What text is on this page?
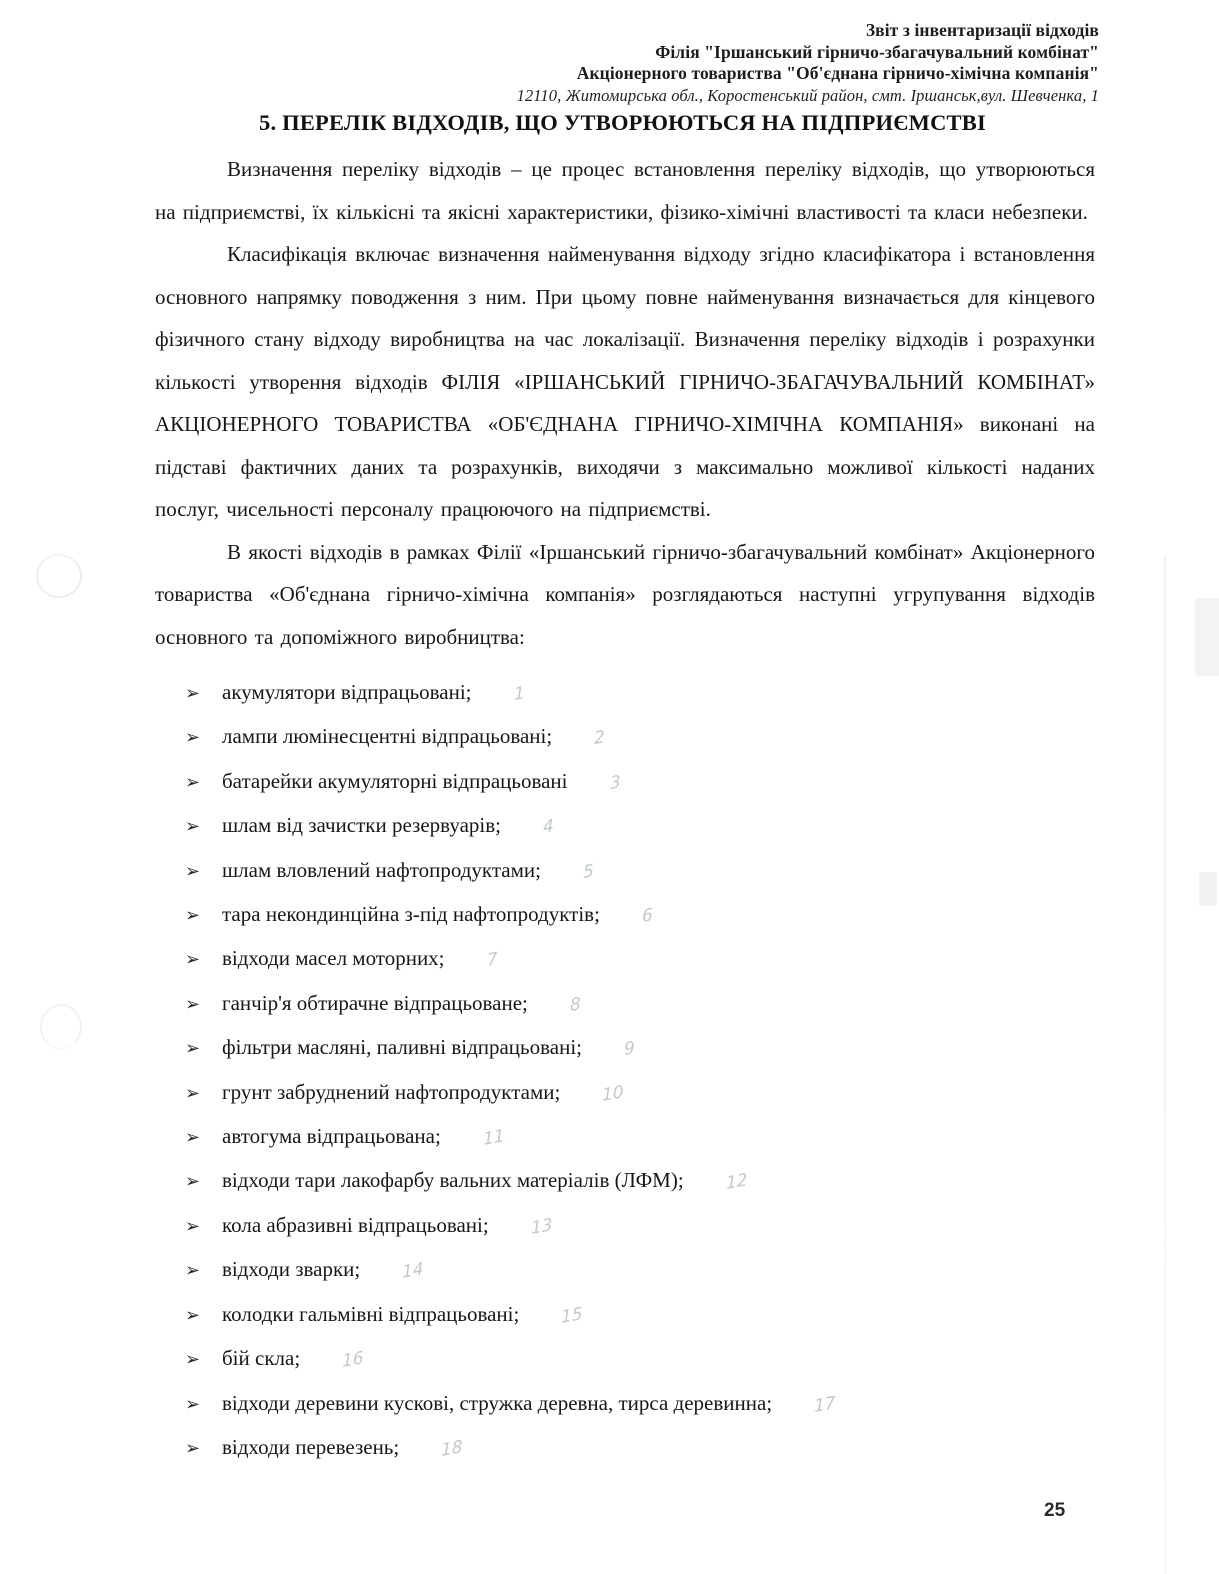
Звіт з інвентаризації відходів
Філія "Іршанський гірничо-збагачувальний комбінат"
Акціонерного товариства "Об'єднана гірничо-хімічна компанія"
12110, Житомирська обл., Коростенський район, смт. Іршанськ,вул. Шевченка, 1
5. ПЕРЕЛІК ВІДХОДІВ, ЩО УТВОРЮЮТЬСЯ НА ПІДПРИЄМСТВІ

Визначення переліку відходів – це процес встановлення переліку відходів, що утворюються на підприємстві, їх кількісні та якісні характеристики, фізико-хімічні властивості та класи небезпеки.

Класифікація включає визначення найменування відходу згідно класифікатора і встановлення основного напрямку поводження з ним. При цьому повне найменування визначається для кінцевого фізичного стану відходу виробництва на час локалізації. Визначення переліку відходів і розрахунки кількості утворення відходів ФІЛІЯ «ІРШАНСЬКИЙ ГІРНИЧО-ЗБАГАЧУВАЛЬНИЙ КОМБІНАТ» АКЦІОНЕРНОГО ТОВАРИСТВА «ОБ'ЄДНАНА ГІРНИЧО-ХІМІЧНА КОМПАНІЯ» виконані на підставі фактичних даних та розрахунків, виходячи з максимально можливої кількості наданих послуг, чисельності персоналу працюючого на підприємстві.

В якості відходів в рамках Філії «Іршанський гірничо-збагачувальний комбінат» Акціонерного товариства «Об'єднана гірничо-хімічна компанія» розглядаються наступні угрупування відходів основного та допоміжного виробництва:

➢ акумулятори відпрацьовані; 1
➢ лампи люмінесцентні відпрацьовані; 2
➢ батарейки акумуляторні відпрацьовані 3
➢ шлам від зачистки резервуарів; 4
➢ шлам вловлений нафтопродуктами; 5
➢ тара некондинційна з-під нафтопродуктів; 6
➢ відходи масел моторних; 7
➢ ганчір'я обтирачне відпрацьоване; 8
➢ фільтри масляні, паливні відпрацьовані; 9
➢ грунт забруднений нафтопродуктами; 10
➢ автогума відпрацьована; 11
➢ відходи тари лакофарбу вальних матеріалів (ЛФМ); 12
➢ кола абразивні відпрацьовані; 13
➢ відходи зварки; 14
➢ колодки гальмівні відпрацьовані; 15
➢ бій скла; 16
➢ відходи деревини кускові, стружка деревна, тирса деревинна; 17
➢ відходи перевезень; 18
25
